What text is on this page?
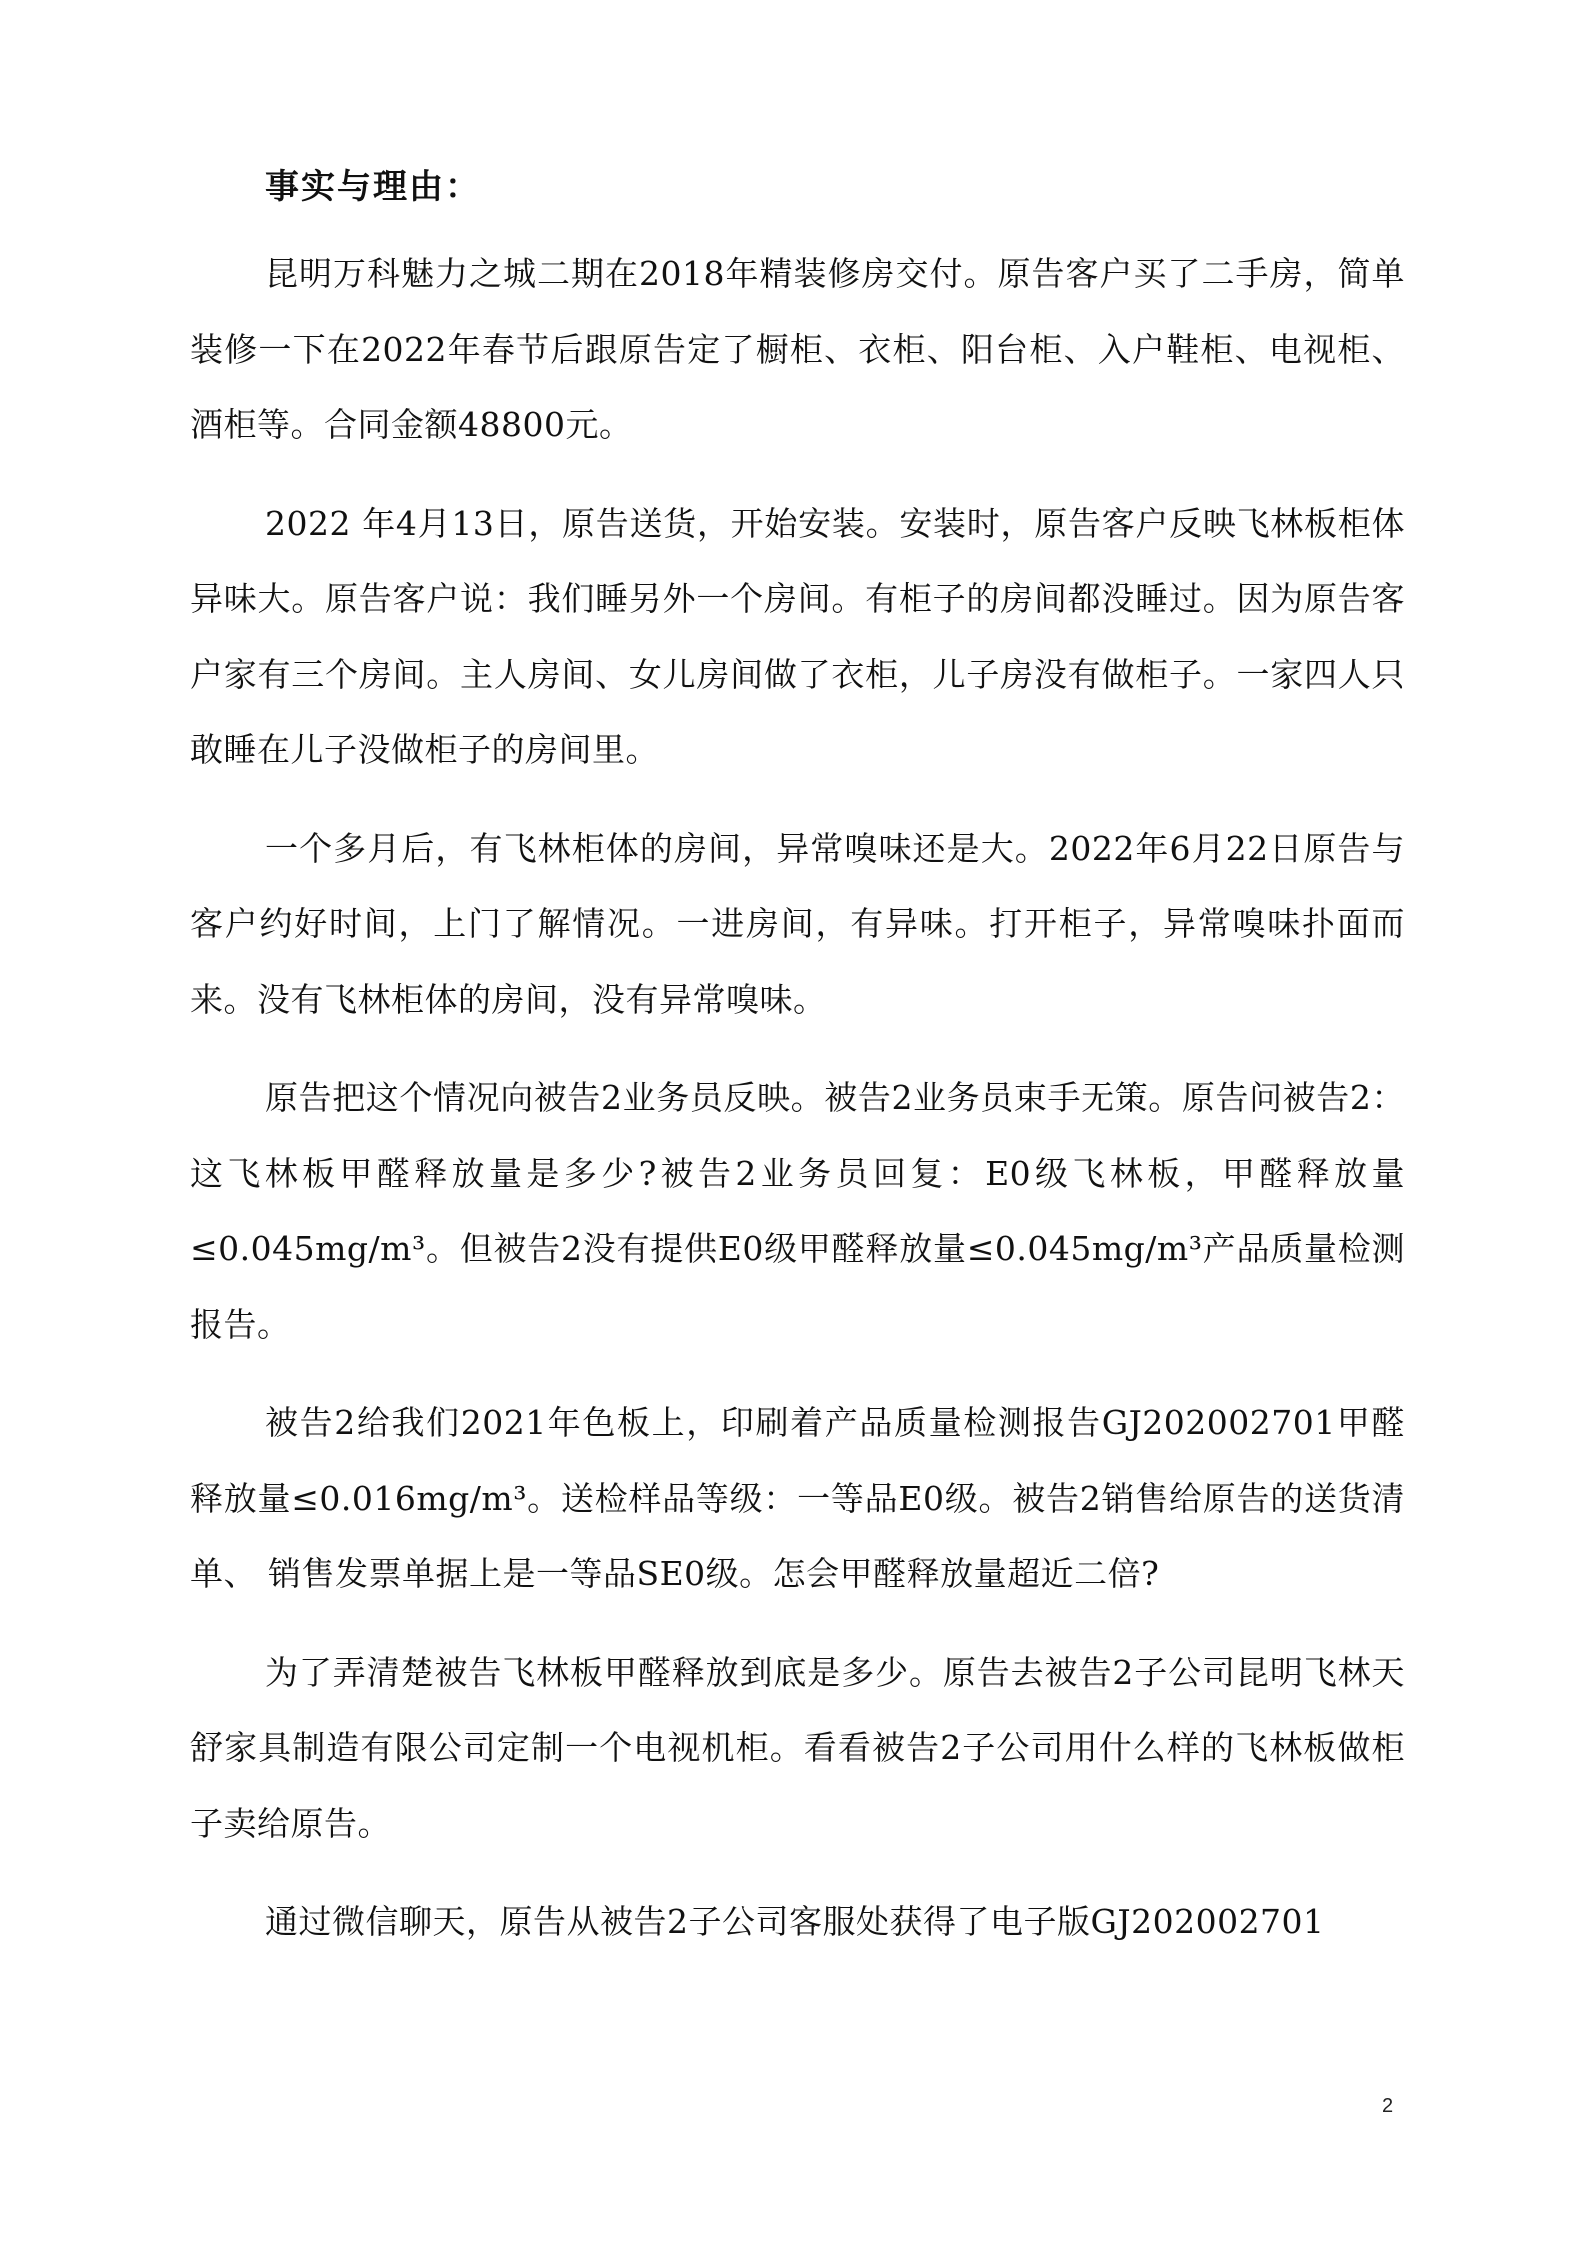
事实与理由：

昆明万科魅力之城二期在2018年精装修房交付。原告客户买了二手房，简单装修一下在2022年春节后跟原告定了橱柜、衣柜、阳台柜、入户鞋柜、电视柜、酒柜等。合同金额48800元。

2022 年4月13日，原告送货，开始安装。安装时，原告客户反映飞林板柜体异味大。原告客户说：我们睡另外一个房间。有柜子的房间都没睡过。因为原告客户家有三个房间。主人房间、女儿房间做了衣柜，儿子房没有做柜子。一家四人只敢睡在儿子没做柜子的房间里。

一个多月后，有飞林柜体的房间，异常嗅味还是大。2022年6月22日原告与客户约好时间，上门了解情况。一进房间，有异味。打开柜子，异常嗅味扑面而来。没有飞林柜体的房间，没有异常嗅味。

原告把这个情况向被告2业务员反映。被告2业务员束手无策。原告问被告2：这飞林板甲醛释放量是多少?被告2业务员回复：E0级飞林板，甲醛释放量≤0.045mg/m³。但被告2没有提供E0级甲醛释放量≤0.045mg/m³产品质量检测报告。

被告2给我们2021年色板上，印刷着产品质量检测报告GJ202002701甲醛释放量≤0.016mg/m³。送检样品等级：一等品E0级。被告2销售给原告的送货清单、 销售发票单据上是一等品SE0级。怎会甲醛释放量超近二倍?

为了弄清楚被告飞林板甲醛释放到底是多少。原告去被告2子公司昆明飞林天舒家具制造有限公司定制一个电视机柜。看看被告2子公司用什么样的飞林板做柜子卖给原告。

通过微信聊天，原告从被告2子公司客服处获得了电子版GJ202002701

2
